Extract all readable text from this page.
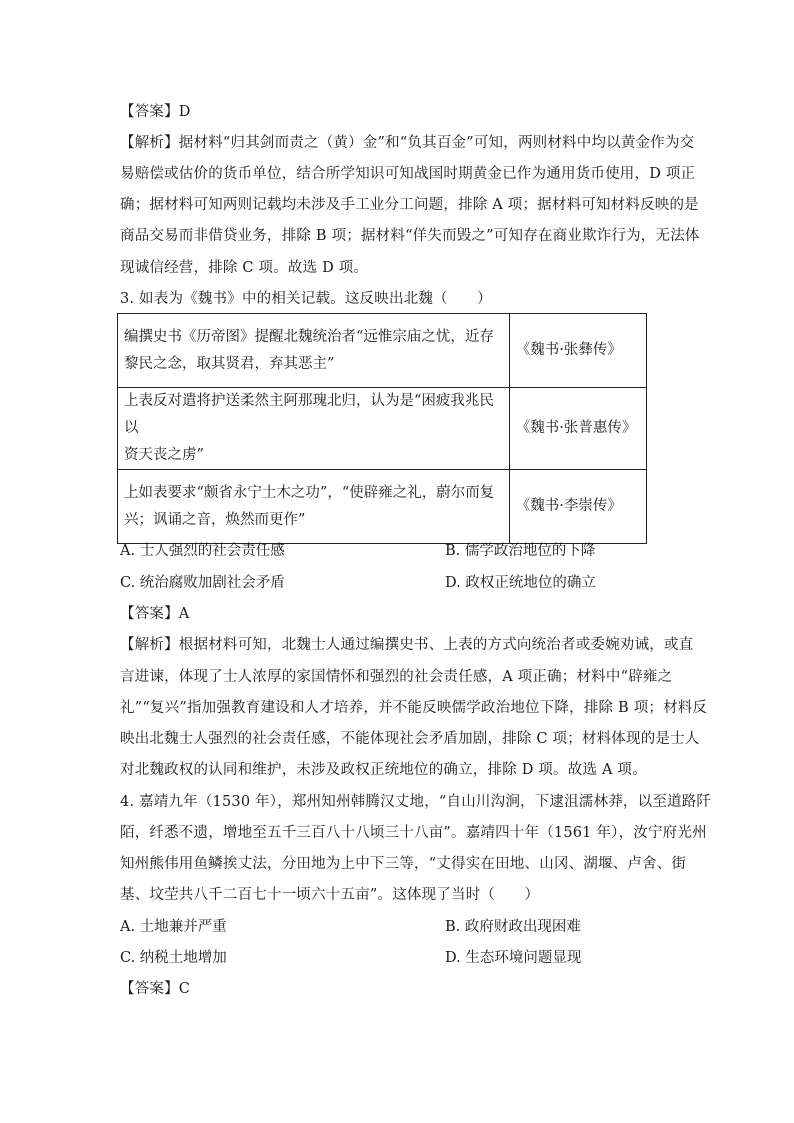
【答案】D
【解析】据材料“归其剑而责之（黄）金”和“负其百金”可知，两则材料中均以黄金作为交
易赔偿或估价的货币单位，结合所学知识可知战国时期黄金已作为通用货币使用，D 项正
确；据材料可知两则记载均未涉及手工业分工问题，排除 A 项；据材料可知材料反映的是
商品交易而非借贷业务，排除 B 项；据材料“佯失而毁之”可知存在商业欺诈行为，无法体
现诚信经营，排除 C 项。故选 D 项。
3. 如表为《魏书》中的相关记载。这反映出北魏（　　）
编撰史书《历帝图》提醒北魏统治者“远惟宗庙之忧，近存
黎民之念，取其贤君，弃其恶主”	《魏书·张彝传》

上表反对遣将护送柔然主阿那瑰北归，认为是“困疲我兆民以
资天丧之虏”	《魏书·张普惠传》

上如表要求“颇省永宁土木之功”，“使辟雍之礼，蔚尔而复
兴；讽诵之音，焕然而更作”	《魏书·李崇传》
A. 士人强烈的社会责任感	B. 儒学政治地位的下降
C. 统治腐败加剧社会矛盾	D. 政权正统地位的确立
【答案】A
【解析】根据材料可知，北魏士人通过编撰史书、上表的方式向统治者或委婉劝诫，或直
言进谏，体现了士人浓厚的家国情怀和强烈的社会责任感，A 项正确；材料中“辟雍之
礼”“复兴”指加强教育建设和人才培养，并不能反映儒学政治地位下降，排除 B 项；材料反
映出北魏士人强烈的社会责任感，不能体现社会矛盾加剧，排除 C 项；材料体现的是士人
对北魏政权的认同和维护，未涉及政权正统地位的确立，排除 D 项。故选 A 项。
4. 嘉靖九年（1530 年），郑州知州韩腾汉丈地，“自山川沟涧，下逮沮濡林莽，以至道路阡
陌，纤悉不遗，增地至五千三百八十八顷三十八亩”。嘉靖四十年（1561 年），汝宁府光州
知州熊伟用鱼鳞挨丈法，分田地为上中下三等，“丈得实在田地、山冈、湖堰、卢舍、街
基、坟茔共八千二百七十一顷六十五亩”。这体现了当时（　　）
A. 土地兼并严重	B. 政府财政出现困难
C. 纳税土地增加	D. 生态环境问题显现
【答案】C
